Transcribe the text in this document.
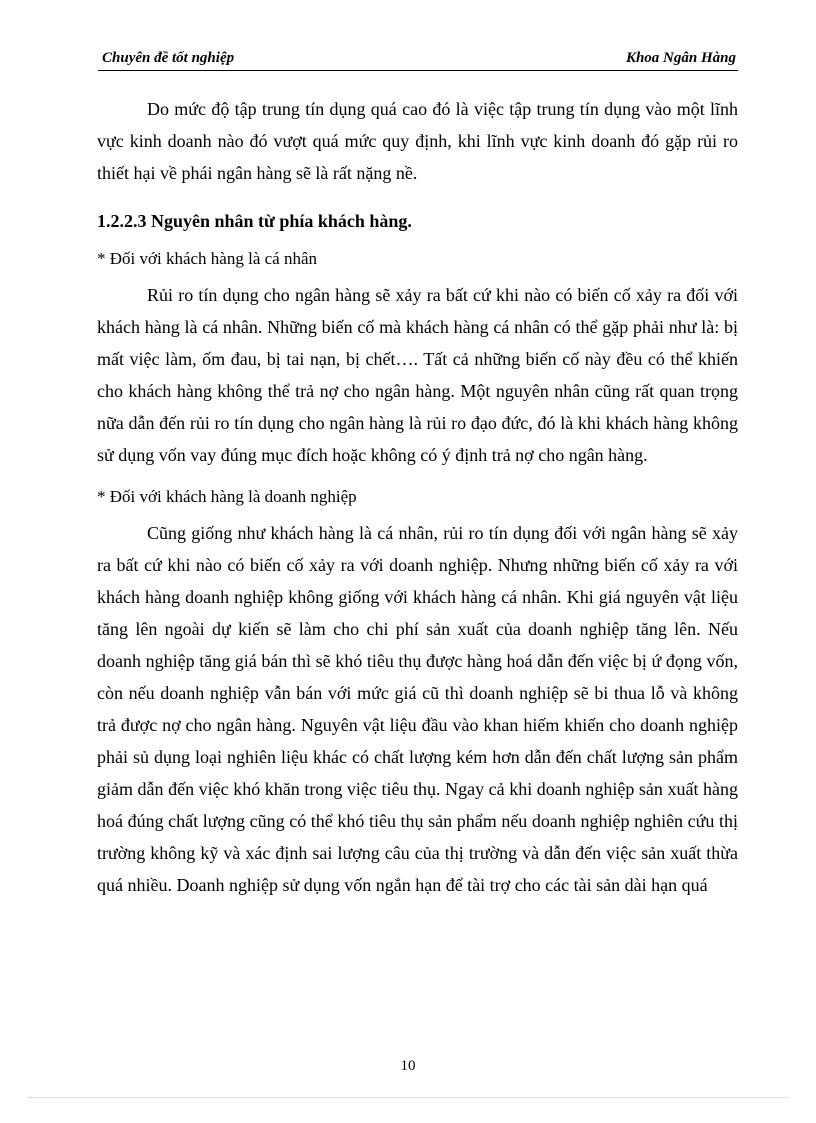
Chuyên đề tốt nghiệp	Khoa Ngân Hàng

Do mức độ tập trung tín dụng quá cao đó là việc tập trung tín dụng vào một lĩnh vực kinh doanh nào đó vượt quá mức quy định, khi lĩnh vực kinh doanh đó gặp rủi ro thiết hại về phái ngân hàng sẽ là rất nặng nề.

1.2.2.3 Nguyên nhân từ phía khách hàng.

* Đối với khách hàng là cá nhân

Rủi ro tín dụng cho ngân hàng sẽ xảy ra bất cứ khi nào có biến cố xảy ra đối với khách hàng là cá nhân. Những biến cố mà khách hàng cá nhân có thể gặp phải như là: bị mất việc làm, ốm đau, bị tai nạn, bị chết…. Tất cả những biến cố này đều có thể khiến cho khách hàng không thể trả nợ cho ngân hàng. Một nguyên nhân cũng rất quan trọng nữa dẫn đến rủi ro tín dụng cho ngân hàng là rủi ro đạo đức, đó là khi khách hàng không sử dụng vốn vay đúng mục đích hoặc không có ý định trả nợ cho ngân hàng.

* Đối với khách hàng là doanh nghiệp

Cũng giống như khách hàng là cá nhân, rủi ro tín dụng đối với ngân hàng sẽ xảy ra bất cứ khi nào có biến cố xảy ra với doanh nghiệp. Nhưng những biến cố xảy ra với khách hàng doanh nghiệp không giống với khách hàng cá nhân. Khi giá nguyên vật liệu tăng lên ngoài dự kiến sẽ làm cho chi phí sản xuất của doanh nghiệp tăng lên. Nếu doanh nghiệp tăng giá bán thì sẽ khó tiêu thụ được hàng hoá dẫn đến việc bị ứ đọng vốn, còn nếu doanh nghiệp vẫn bán với mức giá cũ thì doanh nghiệp sẽ bi thua lỗ và không trả được nợ cho ngân hàng. Nguyên vật liệu đầu vào khan hiếm khiến cho doanh nghiệp phải sủ dụng loại nghiên liệu khác có chất lượng kém hơn dẫn đến chất lượng sản phẩm giảm dẫn đến việc khó khăn trong việc tiêu thụ. Ngay cả khi doanh nghiệp sản xuất hàng hoá đúng chất lượng cũng có thể khó tiêu thụ sản phẩm nếu doanh nghiệp nghiên cứu thị trường không kỹ và xác định sai lượng câu của thị trường và dẫn đến việc sản xuất thừa quá nhiều. Doanh nghiệp sử dụng vốn ngắn hạn để tài trợ cho các tài sản dài hạn quá

10
